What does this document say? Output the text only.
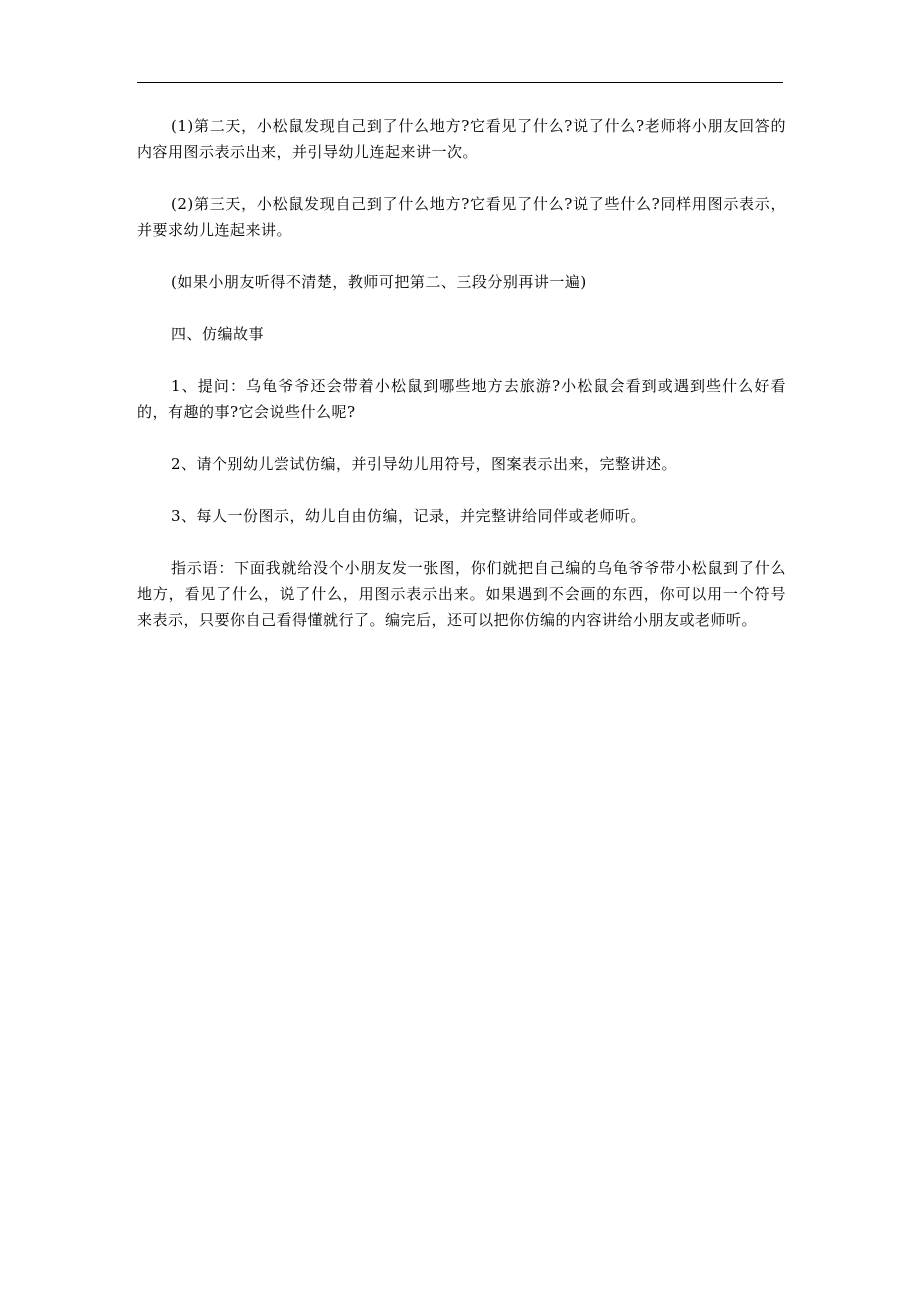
(1)第二天，小松鼠发现自己到了什么地方?它看见了什么?说了什么?老师将小朋友回答的内容用图示表示出来，并引导幼儿连起来讲一次。

(2)第三天，小松鼠发现自己到了什么地方?它看见了什么?说了些什么?同样用图示表示，并要求幼儿连起来讲。

(如果小朋友听得不清楚，教师可把第二、三段分别再讲一遍)

四、仿编故事

1、提问：乌龟爷爷还会带着小松鼠到哪些地方去旅游?小松鼠会看到或遇到些什么好看的，有趣的事?它会说些什么呢?

2、请个别幼儿尝试仿编，并引导幼儿用符号，图案表示出来，完整讲述。

3、每人一份图示，幼儿自由仿编，记录，并完整讲给同伴或老师听。

指示语：下面我就给没个小朋友发一张图，你们就把自己编的乌龟爷爷带小松鼠到了什么地方，看见了什么，说了什么，用图示表示出来。如果遇到不会画的东西，你可以用一个符号来表示，只要你自己看得懂就行了。编完后，还可以把你仿编的内容讲给小朋友或老师听。
